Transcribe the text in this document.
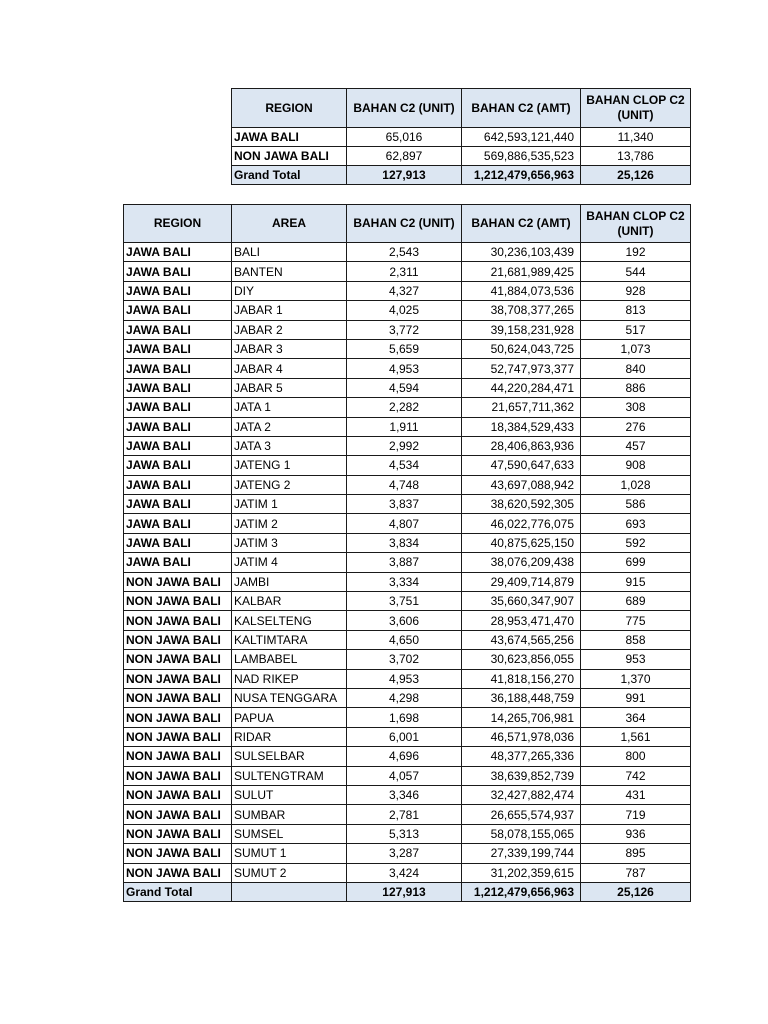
REGION	BAHAN C2 (UNIT)	BAHAN C2 (AMT)	BAHAN CLOP C2 (UNIT)
JAWA BALI	65,016	642,593,121,440	11,340
NON JAWA BALI	62,897	569,886,535,523	13,786
Grand Total	127,913	1,212,479,656,963	25,126
REGION	AREA	BAHAN C2 (UNIT)	BAHAN C2 (AMT)	BAHAN CLOP C2 (UNIT)
JAWA BALI	BALI	2,543	30,236,103,439	192
JAWA BALI	BANTEN	2,311	21,681,989,425	544
JAWA BALI	DIY	4,327	41,884,073,536	928
JAWA BALI	JABAR 1	4,025	38,708,377,265	813
JAWA BALI	JABAR 2	3,772	39,158,231,928	517
JAWA BALI	JABAR 3	5,659	50,624,043,725	1,073
JAWA BALI	JABAR 4	4,953	52,747,973,377	840
JAWA BALI	JABAR 5	4,594	44,220,284,471	886
JAWA BALI	JATA 1	2,282	21,657,711,362	308
JAWA BALI	JATA 2	1,911	18,384,529,433	276
JAWA BALI	JATA 3	2,992	28,406,863,936	457
JAWA BALI	JATENG 1	4,534	47,590,647,633	908
JAWA BALI	JATENG 2	4,748	43,697,088,942	1,028
JAWA BALI	JATIM 1	3,837	38,620,592,305	586
JAWA BALI	JATIM 2	4,807	46,022,776,075	693
JAWA BALI	JATIM 3	3,834	40,875,625,150	592
JAWA BALI	JATIM 4	3,887	38,076,209,438	699
NON JAWA BALI	JAMBI	3,334	29,409,714,879	915
NON JAWA BALI	KALBAR	3,751	35,660,347,907	689
NON JAWA BALI	KALSELTENG	3,606	28,953,471,470	775
NON JAWA BALI	KALTIMTARA	4,650	43,674,565,256	858
NON JAWA BALI	LAMBABEL	3,702	30,623,856,055	953
NON JAWA BALI	NAD RIKEP	4,953	41,818,156,270	1,370
NON JAWA BALI	NUSA TENGGARA	4,298	36,188,448,759	991
NON JAWA BALI	PAPUA	1,698	14,265,706,981	364
NON JAWA BALI	RIDAR	6,001	46,571,978,036	1,561
NON JAWA BALI	SULSELBAR	4,696	48,377,265,336	800
NON JAWA BALI	SULTENGTRAM	4,057	38,639,852,739	742
NON JAWA BALI	SULUT	3,346	32,427,882,474	431
NON JAWA BALI	SUMBAR	2,781	26,655,574,937	719
NON JAWA BALI	SUMSEL	5,313	58,078,155,065	936
NON JAWA BALI	SUMUT 1	3,287	27,339,199,744	895
NON JAWA BALI	SUMUT 2	3,424	31,202,359,615	787
Grand Total		127,913	1,212,479,656,963	25,126
